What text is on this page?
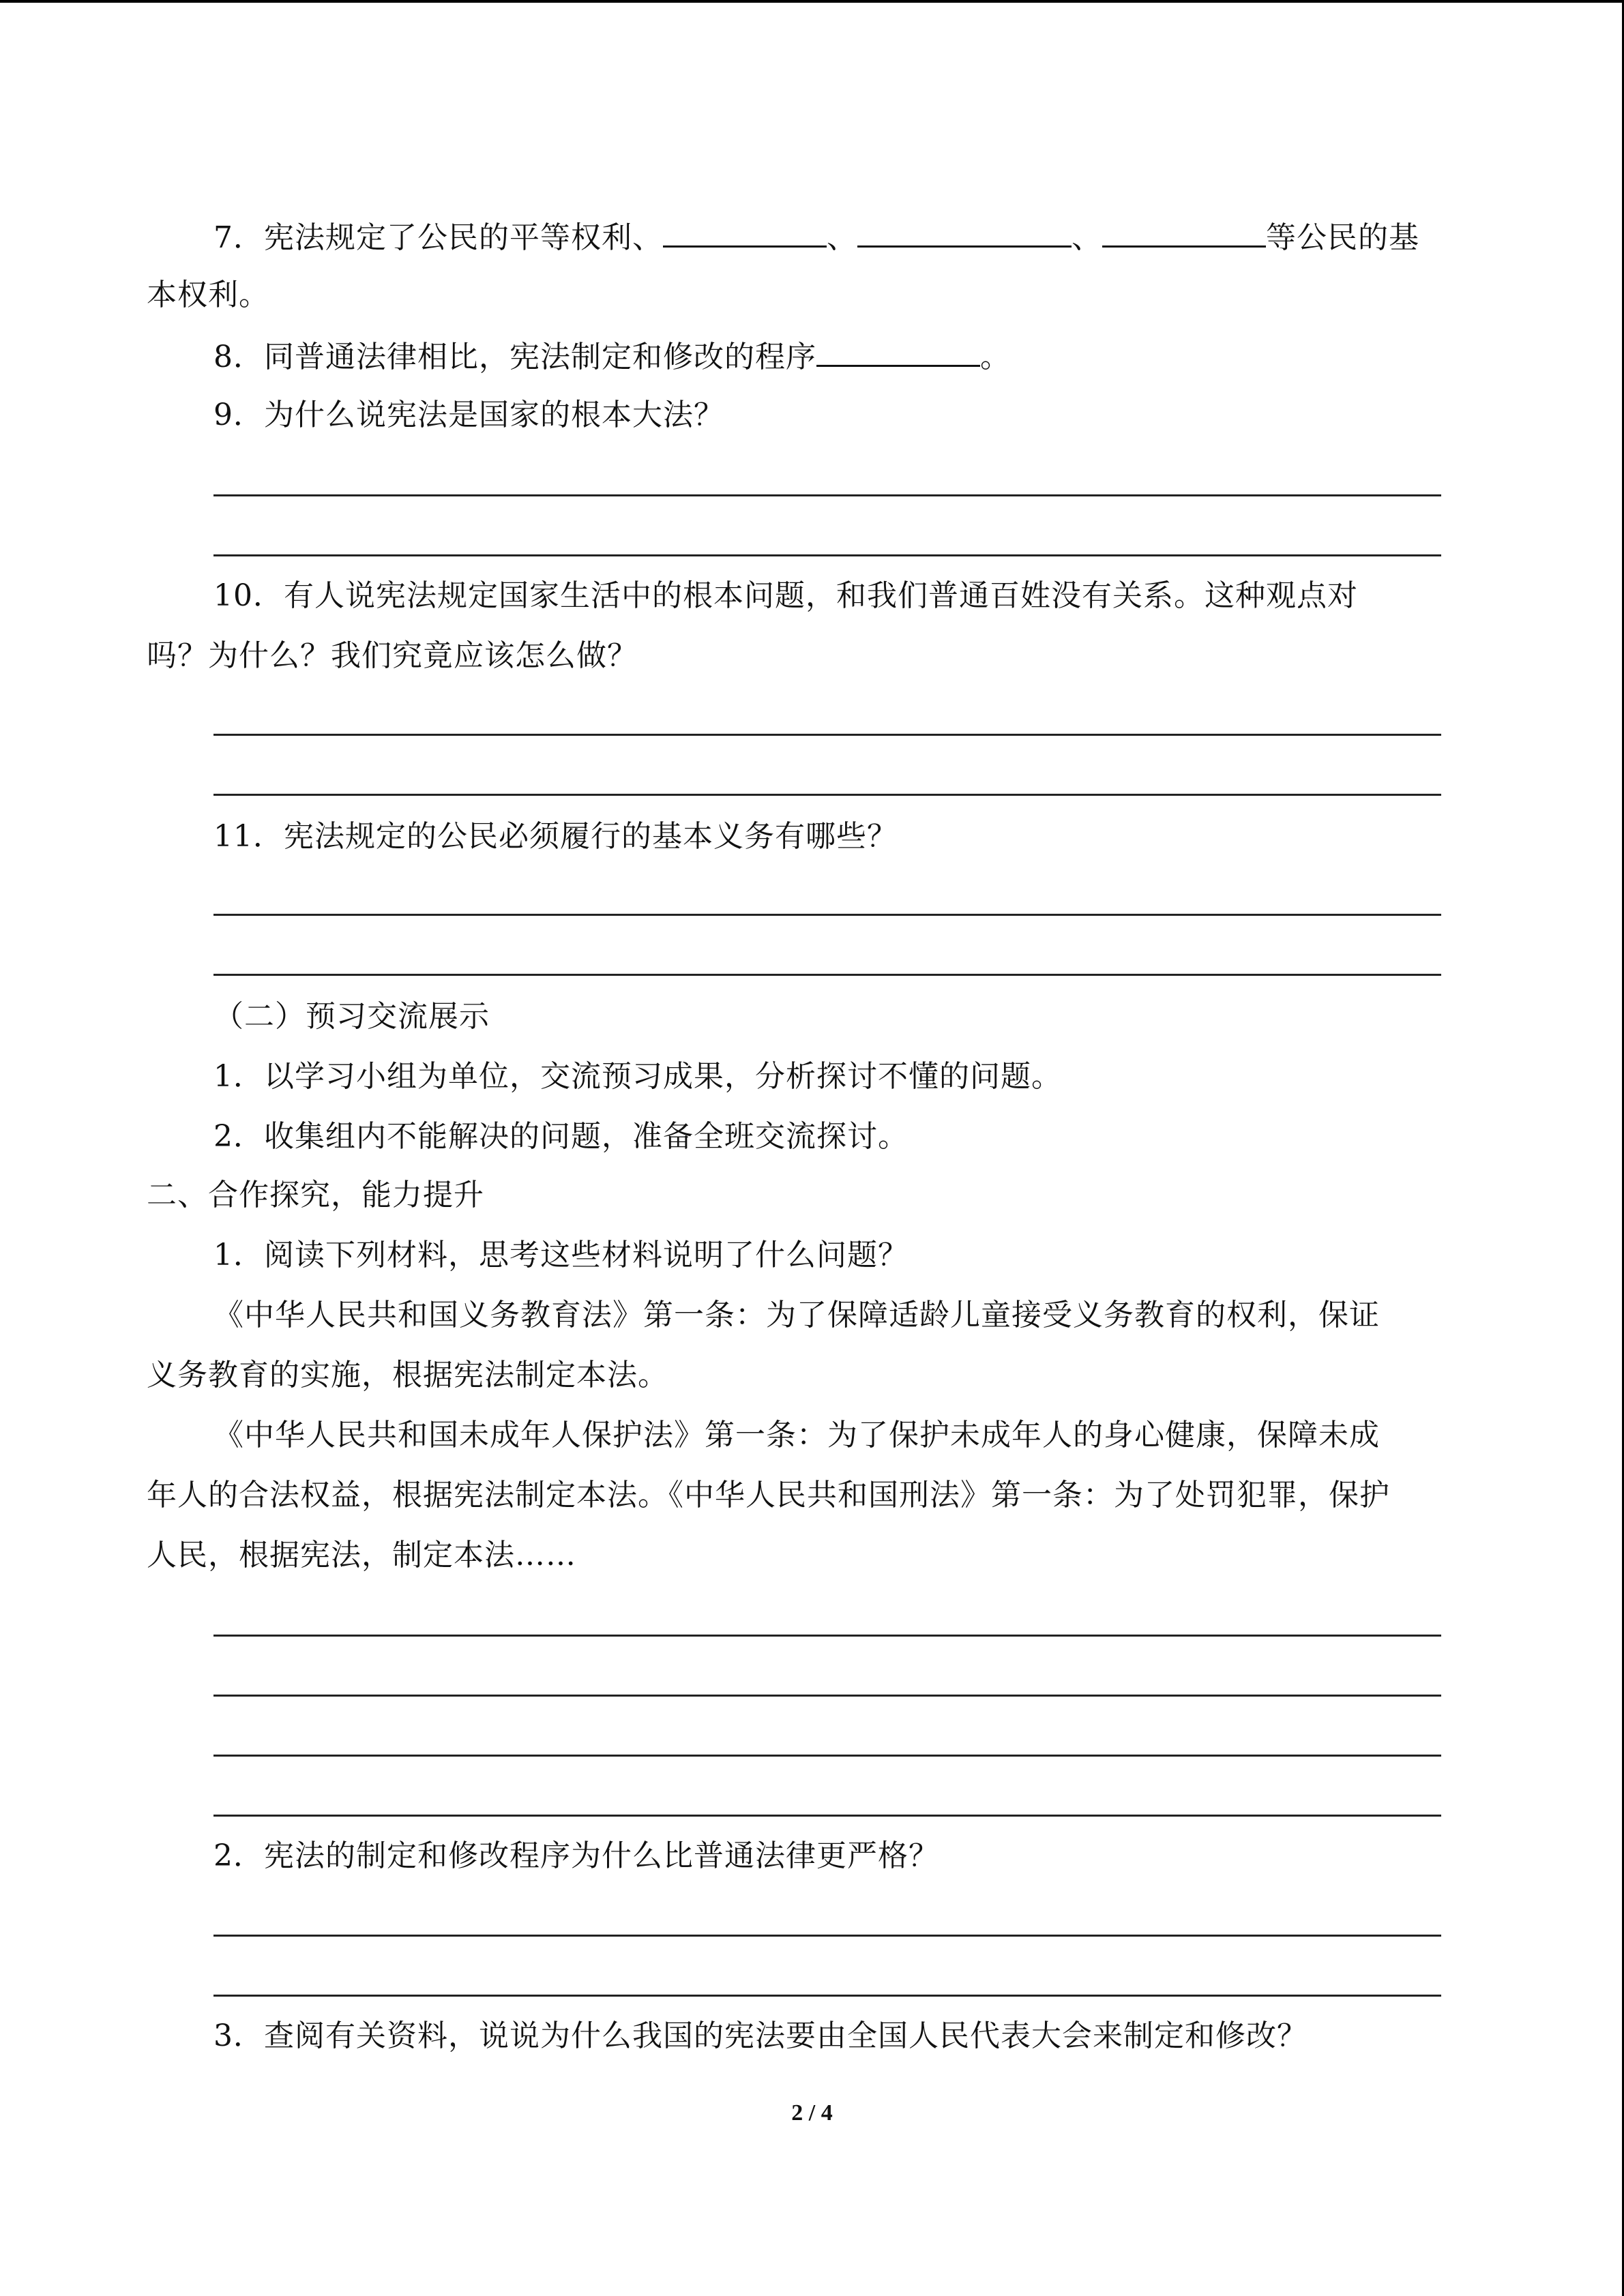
7．宪法规定了公民的平等权利、	、	、	等公民的基
本权利。
8．同普通法律相比，宪法制定和修改的程序	。
9．为什么说宪法是国家的根本大法？
10．有人说宪法规定国家生活中的根本问题，和我们普通百姓没有关系。这种观点对
吗？为什么？我们究竟应该怎么做？
11．宪法规定的公民必须履行的基本义务有哪些？
（二）预习交流展示
1．以学习小组为单位，交流预习成果，分析探讨不懂的问题。
2．收集组内不能解决的问题，准备全班交流探讨。
二、合作探究，能力提升
1．阅读下列材料，思考这些材料说明了什么问题？
《中华人民共和国义务教育法》第一条：为了保障适龄儿童接受义务教育的权利，保证
义务教育的实施，根据宪法制定本法。
《中华人民共和国未成年人保护法》第一条：为了保护未成年人的身心健康，保障未成
年人的合法权益，根据宪法制定本法。《中华人民共和国刑法》第一条：为了处罚犯罪，保护
人民，根据宪法，制定本法……
2．宪法的制定和修改程序为什么比普通法律更严格？
3．查阅有关资料，说说为什么我国的宪法要由全国人民代表大会来制定和修改？
2 / 4
